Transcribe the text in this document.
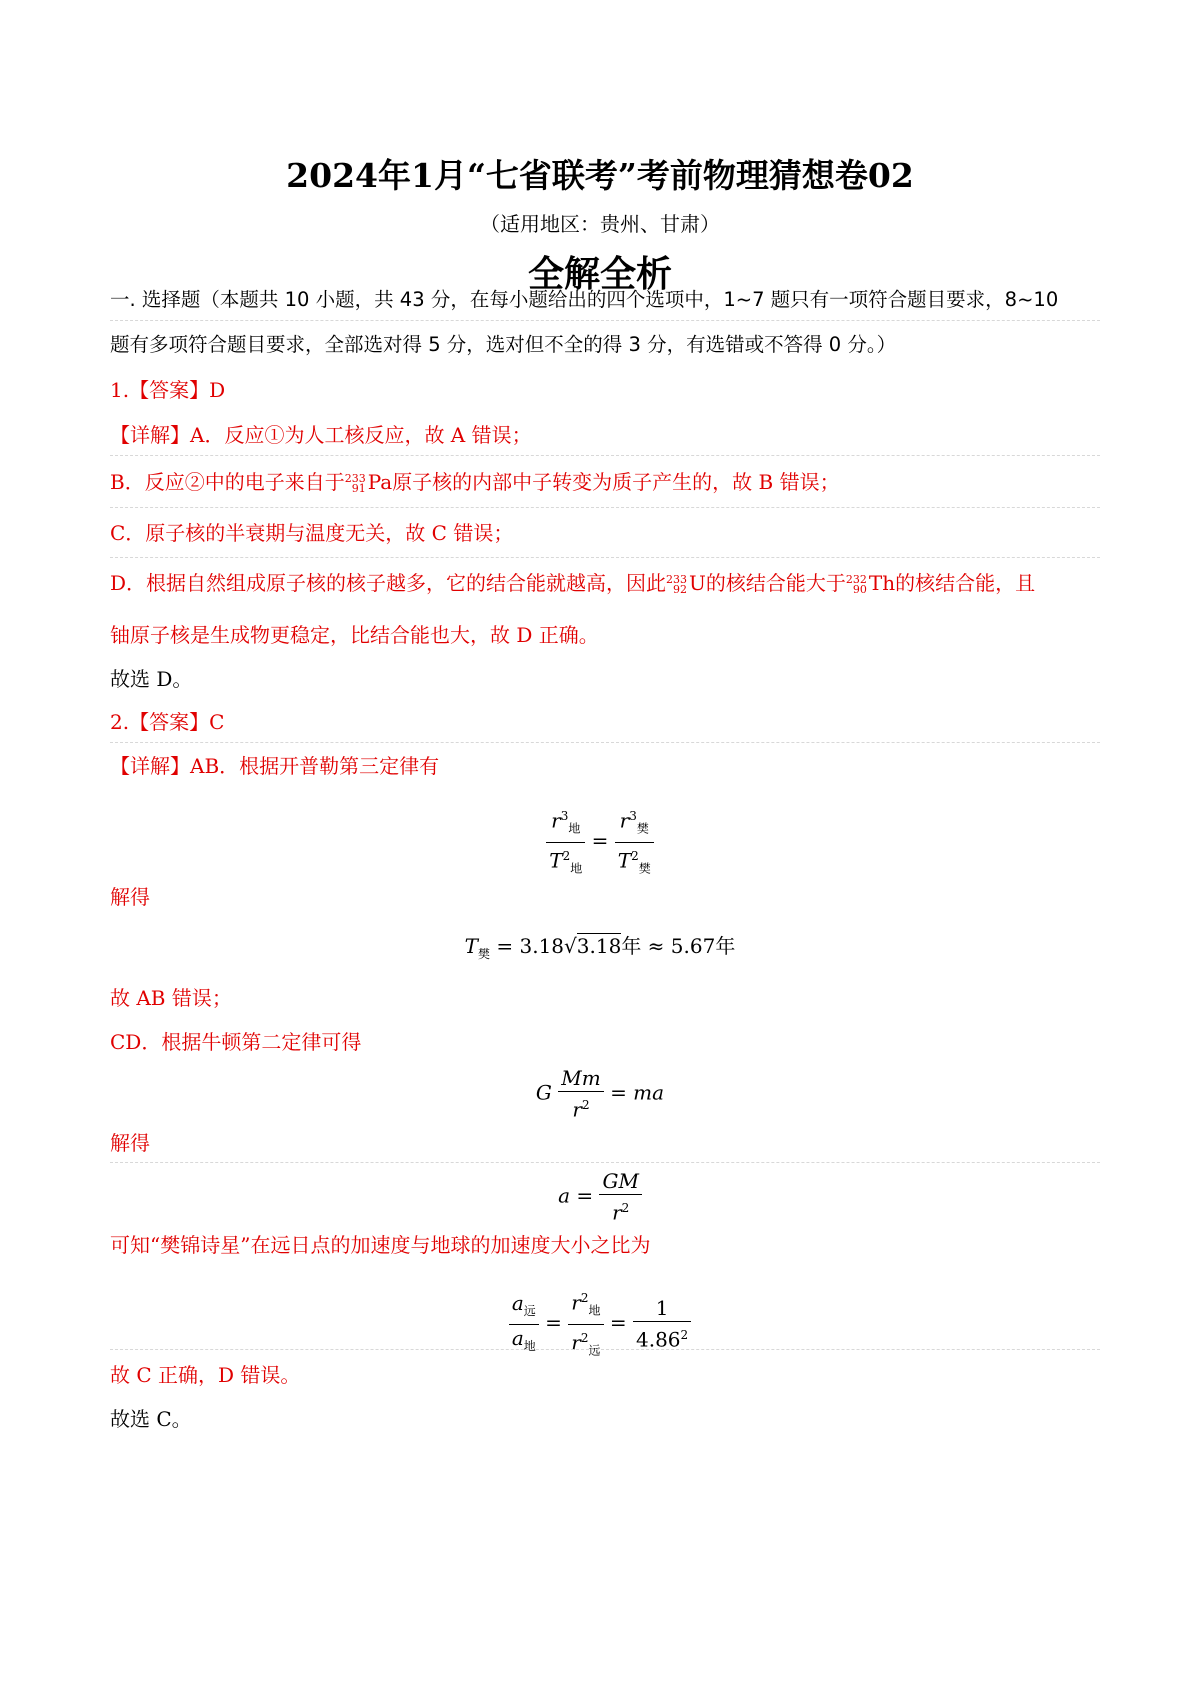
2024年1月“七省联考”考前物理猜想卷02
（适用地区：贵州、甘肃）
全解全析
一. 选择题（本题共 10 小题，共 43 分，在每小题给出的四个选项中，1~7 题只有一项符合题目要求，8~10
题有多项符合题目要求，全部选对得 5 分，选对但不全的得 3 分，有选错或不答得 0 分。）
1.【答案】D
【详解】A．反应①为人工核反应，故 A 错误；
B．反应②中的电子来自于 233
91 Pa原子核的内部中子转变为质子产生的，故 B 错误；
C．原子核的半衰期与温度无关，故 C 错误；
D．根据自然组成原子核的核子越多，它的结合能就越高，因此 233
92 U的核结合能大于 232
90 Th的核结合能，且
铀原子核是生成物更稳定，比结合能也大，故 D 正确。
故选 D。
2.【答案】C
【详解】AB．根据开普勒第三定律有
$\frac{r^3_地}{T^2_地} = \frac{r^3_樊}{T^2_樊}$
解得
$T_樊 = 3.18√3.18$年 ≈ 5.67年
故 AB 错误；
CD．根据牛顿第二定律可得
G $\frac{Mm}{r^2}$ = ma
解得
$a = \frac{GM}{r^2}$
可知“樊锦诗星”在远日点的加速度与地球的加速度大小之比为
$\frac{a_远}{a_地} = \frac{r^2_地}{r^2_远} = \frac{1}{4.86^2}$
故 C 正确，D 错误。
故选 C。
